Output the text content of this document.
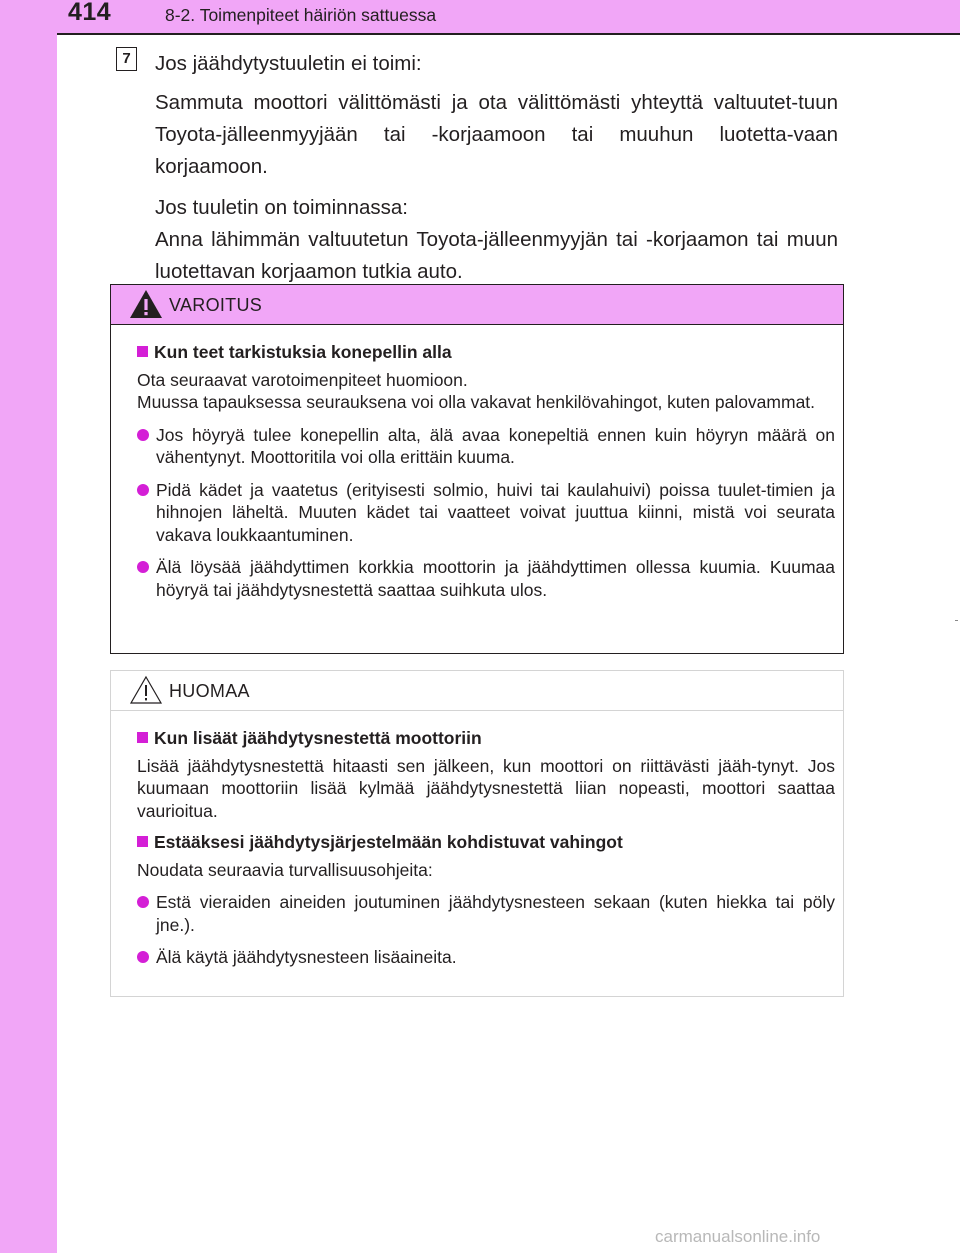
414	8-2. Toimenpiteet häiriön sattuessa
7	Jos jäähdytystuuletin ei toimi:

Sammuta moottori välittömästi ja ota välittömästi yhteyttä valtuutet-tuun Toyota-jälleenmyyjään tai -korjaamoon tai muuhun luotetta-vaan korjaamoon.

Jos tuuletin on toiminnassa:

Anna lähimmän valtuutetun Toyota-jälleenmyyjän tai -korjaamon tai muun luotettavan korjaamon tutkia auto.

VAROITUS

Kun teet tarkistuksia konepellin alla

Ota seuraavat varotoimenpiteet huomioon.
Muussa tapauksessa seurauksena voi olla vakavat henkilövahingot, kuten palovammat.

Jos höyryä tulee konepellin alta, älä avaa konepeltiä ennen kuin höyryn määrä on vähentynyt. Moottoritila voi olla erittäin kuuma.

Pidä kädet ja vaatetus (erityisesti solmio, huivi tai kaulahuivi) poissa tuulet-timien ja hihnojen läheltä. Muuten kädet tai vaatteet voivat juuttua kiinni, mistä voi seurata vakava loukkaantuminen.

Älä löysää jäähdyttimen korkkia moottorin ja jäähdyttimen ollessa kuumia. Kuumaa höyryä tai jäähdytysnestettä saattaa suihkuta ulos.

HUOMAA

Kun lisäät jäähdytysnestettä moottoriin

Lisää jäähdytysnestettä hitaasti sen jälkeen, kun moottori on riittävästi jääh-tynyt. Jos kuumaan moottoriin lisää kylmää jäähdytysnestettä liian nopeasti, moottori saattaa vaurioitua.

Estääksesi jäähdytysjärjestelmään kohdistuvat vahingot

Noudata seuraavia turvallisuusohjeita:

Estä vieraiden aineiden joutuminen jäähdytysnesteen sekaan (kuten hiekka tai pöly jne.).

Älä käytä jäähdytysnesteen lisäaineita.

carmanualsonline.info
